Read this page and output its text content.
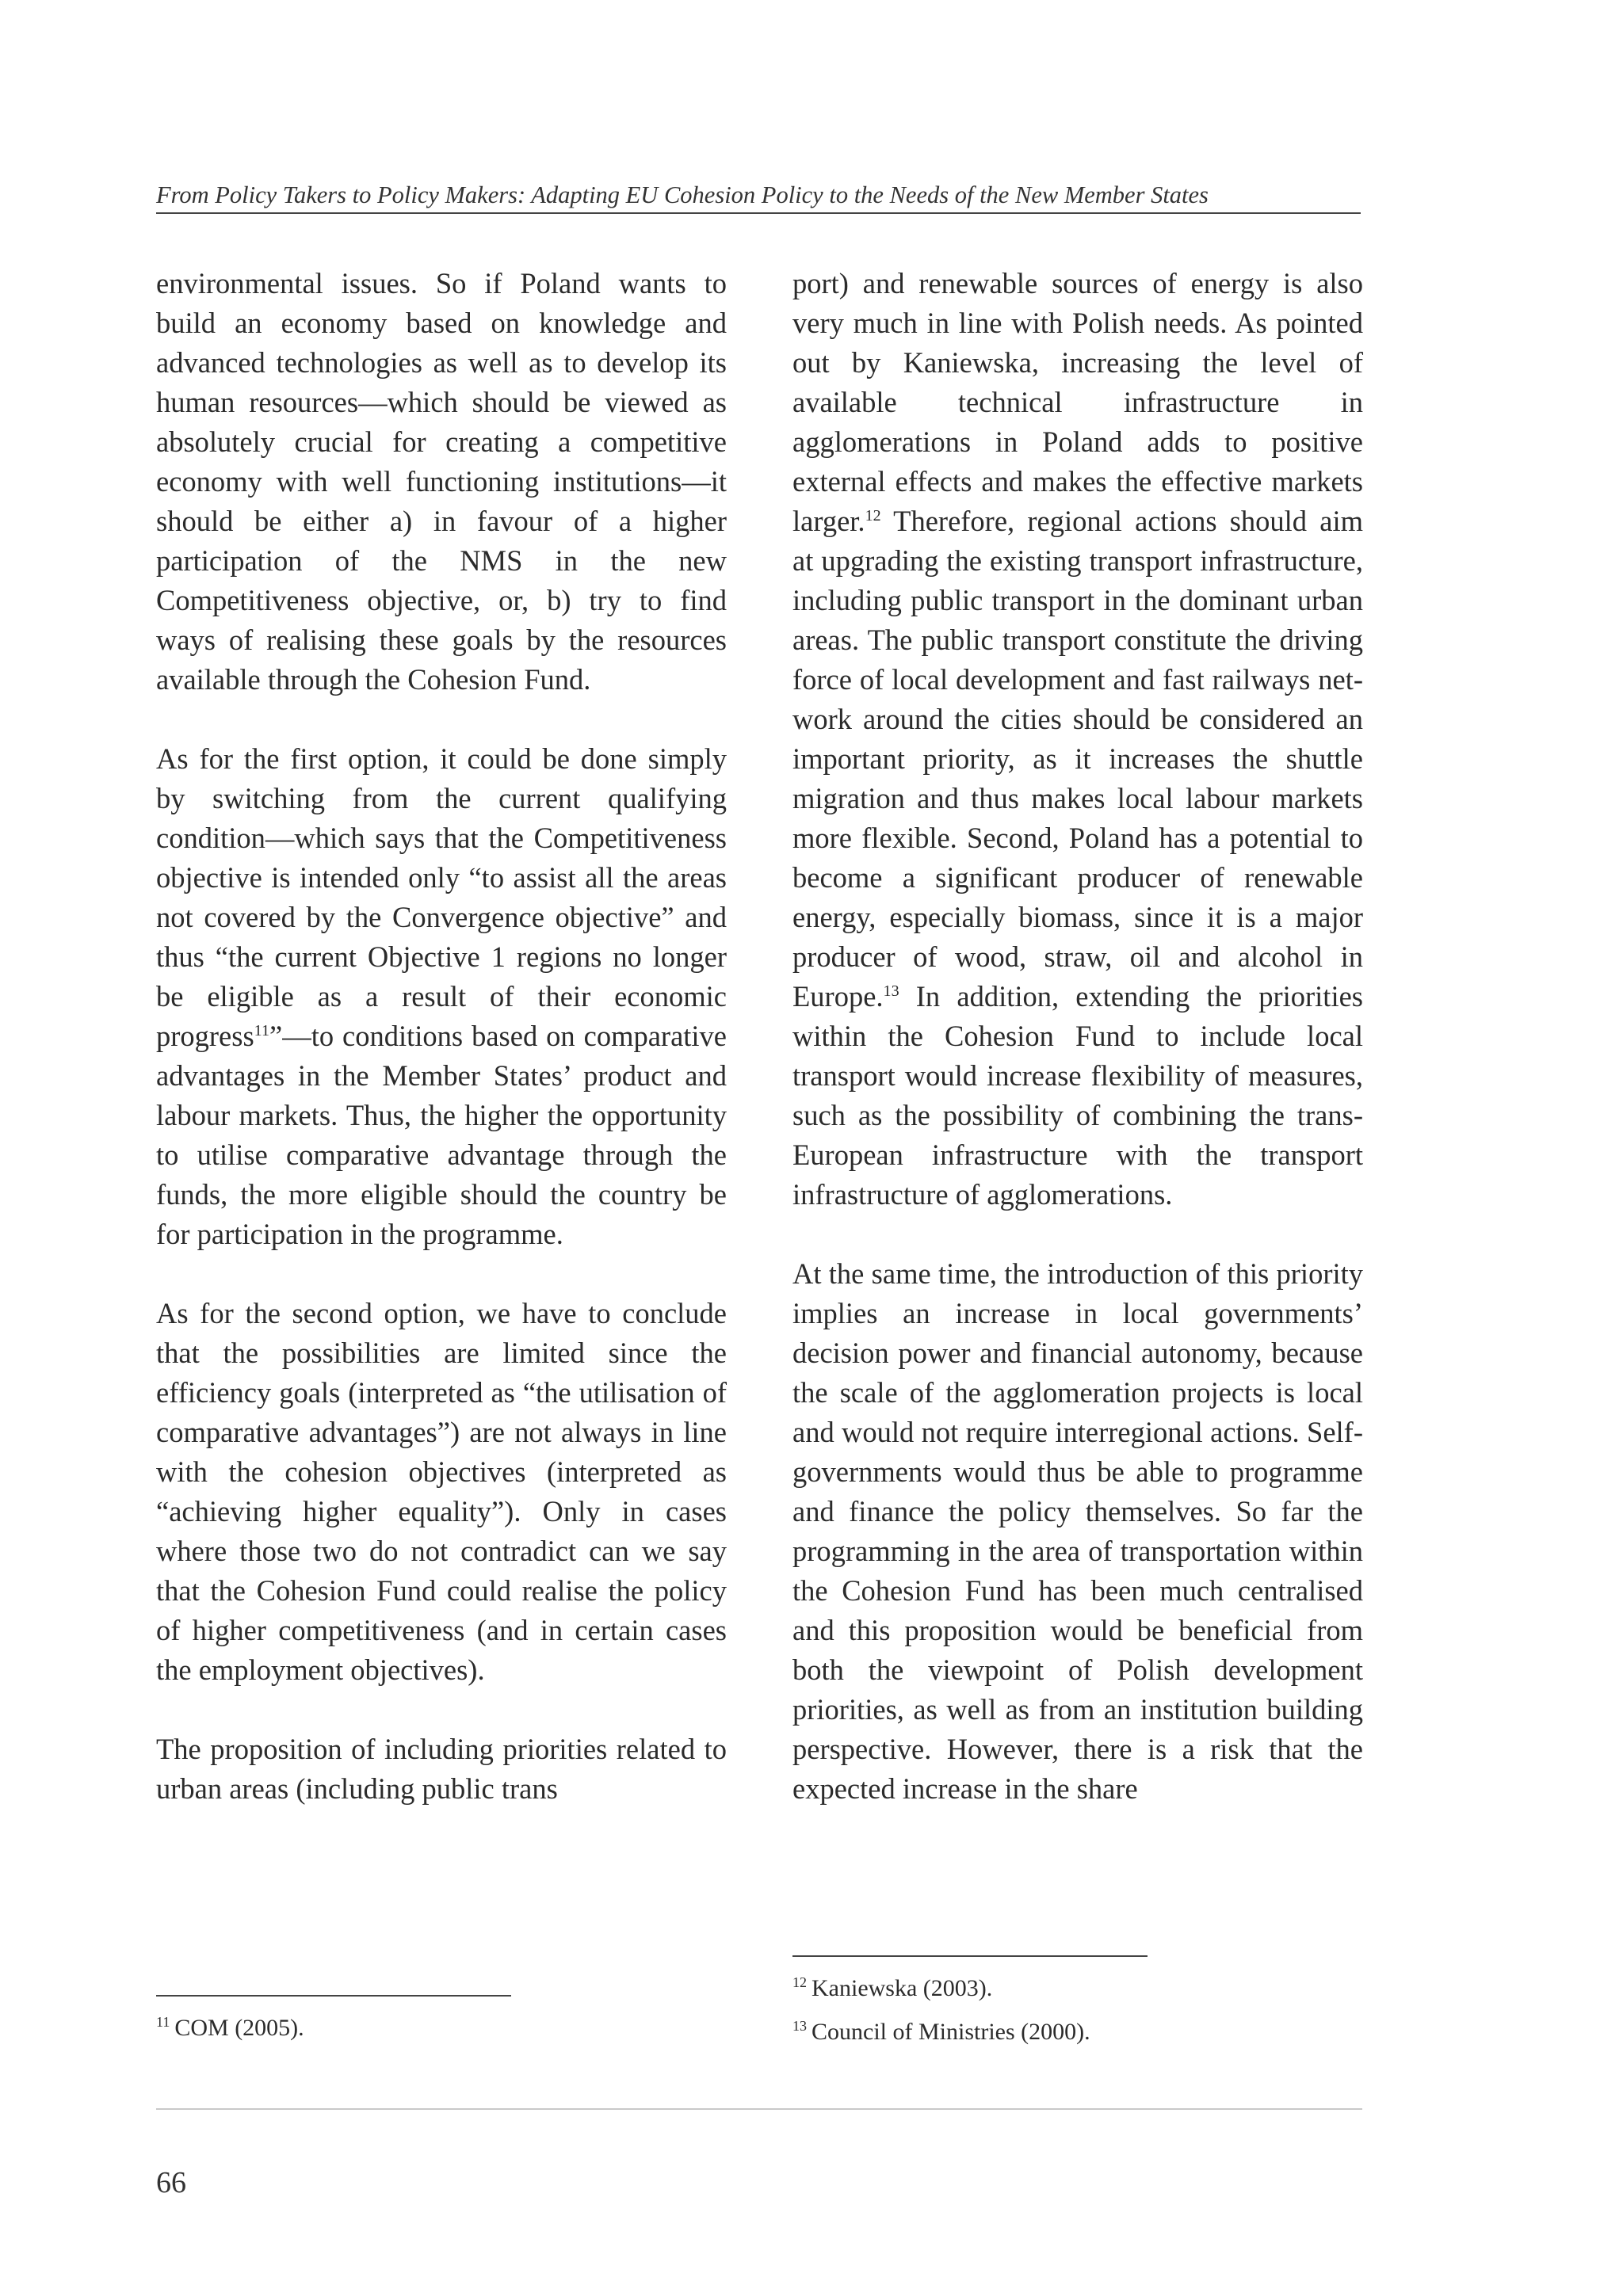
From Policy Takers to Policy Makers: Adapting EU Cohesion Policy to the Needs of the New Member States

environmental issues. So if Poland wants to build an economy based on knowledge and advanced technologies as well as to develop its human resources—which should be viewed as absolutely crucial for creating a competitive economy with well functioning institutions—it should be either a) in favour of a higher participation of the NMS in the new Competitiveness objective, or, b) try to find ways of realising these goals by the resources available through the Cohesion Fund.

As for the first option, it could be done simply by switching from the current qualifying condition—which says that the Competitiveness objective is intended only “to assist all the areas not covered by the Convergence objective” and thus “the current Objective 1 regions no longer be eligible as a result of their economic progress$^{11}$”—to conditions based on comparative advantages in the Member States’ product and labour markets. Thus, the higher the opportunity to utilise comparative advantage through the funds, the more eligible should the country be for participation in the programme.

As for the second option, we have to conclude that the possibilities are limited since the efficiency goals (interpreted as “the utilisation of comparative advantages”) are not always in line with the cohesion objectives (interpreted as “achieving higher equality”). Only in cases where those two do not contradict can we say that the Cohesion Fund could realise the policy of higher competitiveness (and in certain cases the employment objectives).

The proposition of including priorities related to urban areas (including public trans

port) and renewable sources of energy is also very much in line with Polish needs. As pointed out by Kaniewska, increasing the level of available technical infrastructure in agglomerations in Poland adds to positive external effects and makes the effective markets larger.$^{12}$ Therefore, regional actions should aim at upgrading the existing transport infrastructure, including public transport in the dominant urban areas. The public transport constitute the driving force of local development and fast railways network around the cities should be considered an important priority, as it increases the shuttle migration and thus makes local labour markets more flexible. Second, Poland has a potential to become a significant producer of renewable energy, especially biomass, since it is a major producer of wood, straw, oil and alcohol in Europe.$^{13}$ In addition, extending the priorities within the Cohesion Fund to include local transport would increase flexibility of measures, such as the possibility of combining the trans-European infrastructure with the transport infrastructure of agglomerations.

At the same time, the introduction of this priority implies an increase in local governments’ decision power and financial autonomy, because the scale of the agglomeration projects is local and would not require interregional actions. Self-governments would thus be able to programme and finance the policy themselves. So far the programming in the area of transportation within the Cohesion Fund has been much centralised and this proposition would be beneficial from both the viewpoint of Polish development priorities, as well as from an institution building perspective. However, there is a risk that the expected increase in the share

$^{11}$ COM (2005).
$^{12}$ Kaniewska (2003).
$^{13}$ Council of Ministries (2000).
66
